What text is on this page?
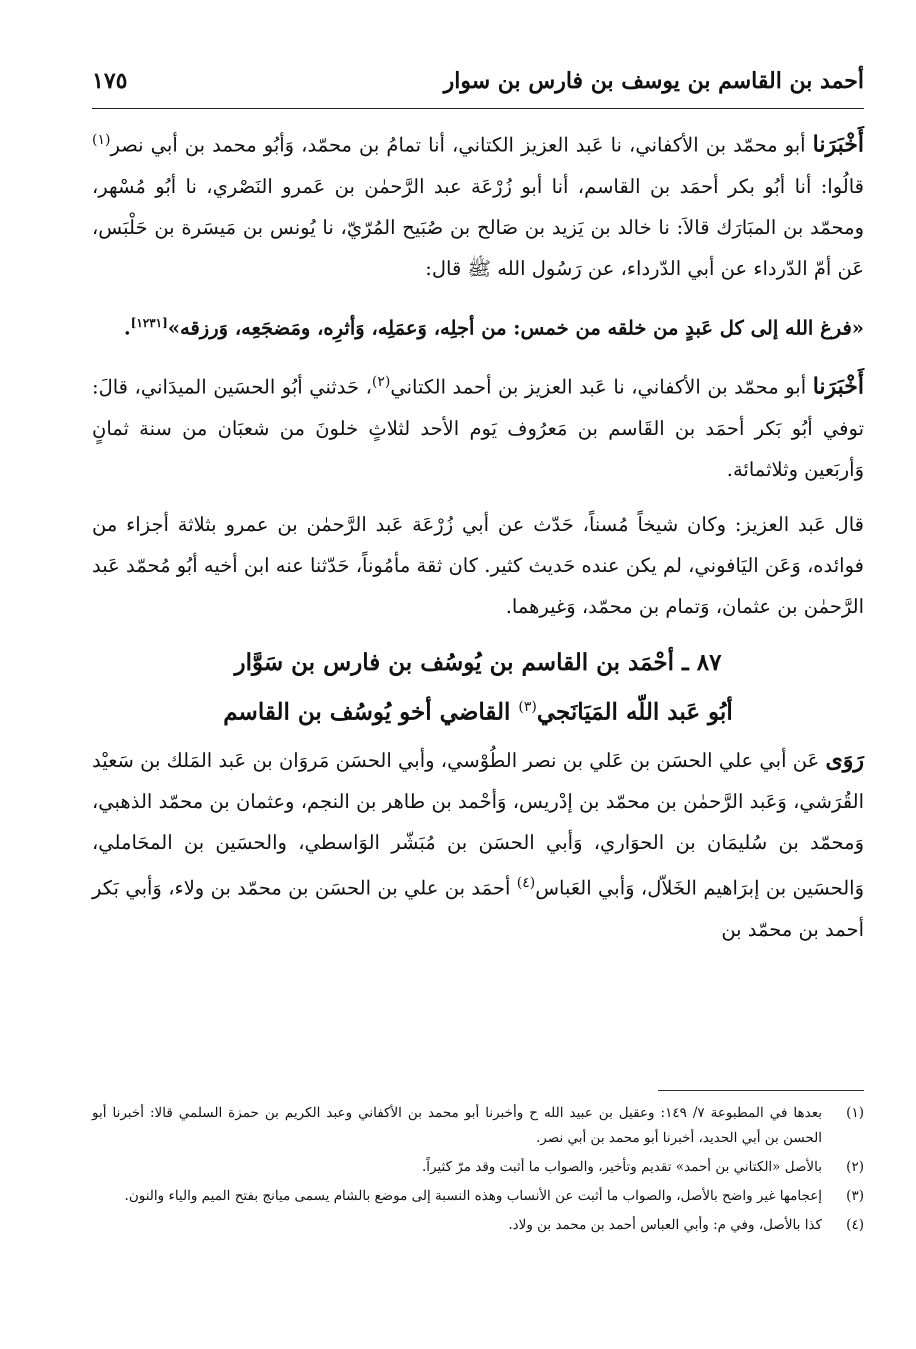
أحمد بن القاسم بن يوسف بن فارس بن سوار
١٧٥

أَخْبَرَنا أبو محمّد بن الأكفاني، نا عَبد العزيز الكتاني، أنا تمامُ بن محمّد، وَأبُو محمد بن أبي نصر$^{(١)}$ قالُوا: أنا أبُو بكر أحمَد بن القاسم، أنا أبو زُرْعَة عبد الرَّحمٰن بن عَمرو النَصْري، نا أبُو مُسْهر، ومحمّد بن المبَارَك قالاَ: نا خالد بن يَزيد بن صَالح بن صُبَيح المُرّيّ، نا يُونس بن مَيسَرة بن حَلْبَس، عَن أمّ الدّرداء عن أبي الدّرداء، عن رَسُول الله ﷺ قال:

«فرغ الله إلى كل عَبدٍ من خلقه من خمس: من أجلِه، وَعمَلِه، وَأثرِه، ومَضجَعِه، وَرزقه»[١٢٣١].

أَخْبَرَنا أبو محمّد بن الأكفاني، نا عَبد العزيز بن أحمد الكتاني$^{(٢)}$، حَدثني أبُو الحسَين الميدَاني، قالَ: توفي أبُو بَكر أحمَد بن القَاسم بن مَعرُوف يَوم الأحد لثلاثٍ خلونَ من شعبَان من سنة ثمانٍ وَأربَعين وثلاثمائة.

قال عَبد العزيز: وكان شيخاً مُسناً، حَدّث عن أبي زُرْعَة عَبد الرَّحمٰن بن عمرو بثلاثة أجزاء من فوائده، وَعَن اليَافوني، لم يكن عنده حَديث كثير. كان ثقة مأمُوناً، حَدّثنا عنه ابن أخيه أبُو مُحمّد عَبد الرَّحمٰن بن عثمان، وَتمام بن محمّد، وَغيرهما.

٨٧ ـ أحْمَد بن القاسم بن يُوسُف بن فارس بن سَوَّار
أبُو عَبد اللّه المَيَانَجي$^{(٣)}$ القاضي أخو يُوسُف بن القاسم

رَوَى عَن أبي علي الحسَن بن عَلي بن نصر الطُوْسي، وأبي الحسَن مَروَان بن عَبد المَلك بن سَعيْد القُرَشي، وَعَبد الرَّحمٰن بن محمّد بن إدْريس، وَأحْمد بن طاهر بن النجم، وعثمان بن محمّد الذهبي، وَمحمّد بن سُليمَان بن الحوَاري، وَأبي الحسَن بن مُبَشّر الوَاسطي، والحسَين بن المحَاملي، وَالحسَين بن إبرَاهيم الخَلاّل، وَأبي العَباس$^{(٤)}$ أحمَد بن علي بن الحسَن بن محمّد بن ولاء، وَأبي بَكر أحمد بن محمّد بن

(١)
بعدها في المطبوعة ٧/ ١٤٩: وعقيل بن عبيد الله ح وأخبرنا أبو محمد بن الأكفاني وعبد الكريم بن حمزة السلمي قالا: أخبرنا أبو الحسن بن أبي الحديد، أخبرنا أبو محمد بن أبي نصر.
(٢)
بالأصل «الكتاني بن أحمد» تقديم وتأخير، والصواب ما أثبت وقد مرّ كثيراً.
(٣)
إعجامها غير واضح بالأصل، والصواب ما أثبت عن الأنساب وهذه النسبة إلى موضع بالشام يسمى ميانج بفتح الميم والياء والنون.
(٤)
كذا بالأصل، وفي م: وأبي العباس أحمد بن محمد بن ولاد.
